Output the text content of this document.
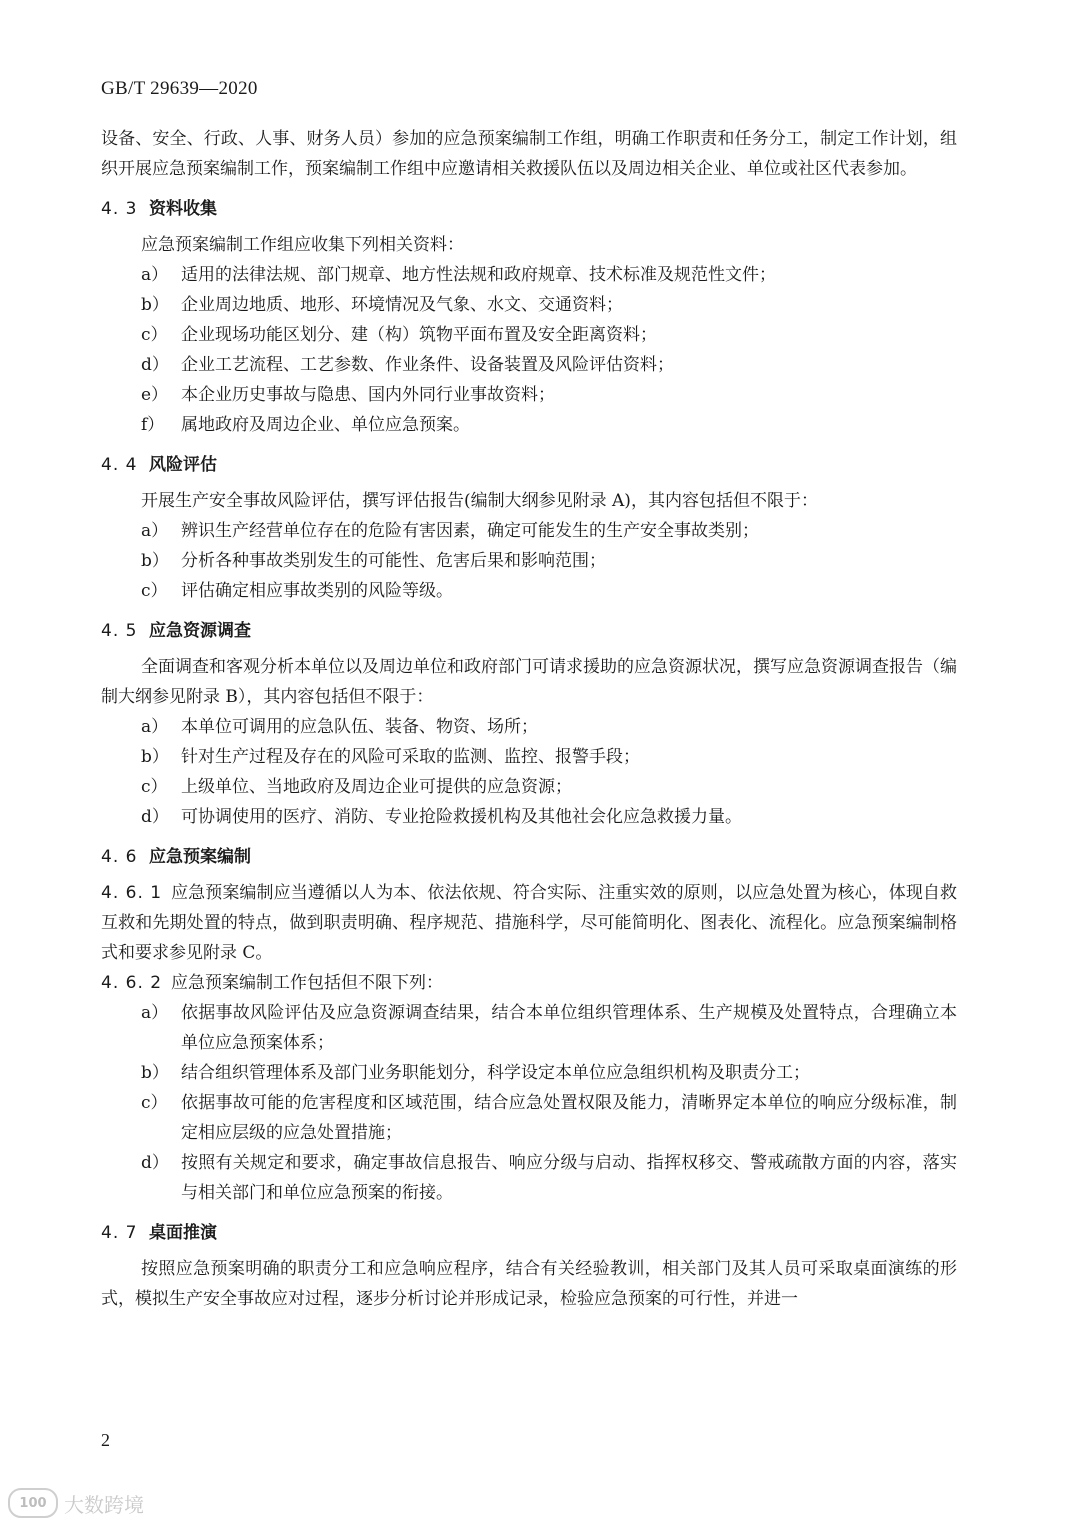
GB/T 29639—2020

设备、安全、行政、人事、财务人员）参加的应急预案编制工作组，明确工作职责和任务分工，制定工作计划，组织开展应急预案编制工作，预案编制工作组中应邀请相关救援队伍以及周边相关企业、单位或社区代表参加。

4. 3 资料收集

应急预案编制工作组应收集下列相关资料：

a） 适用的法律法规、部门规章、地方性法规和政府规章、技术标准及规范性文件；
b） 企业周边地质、地形、环境情况及气象、水文、交通资料；
c） 企业现场功能区划分、建（构）筑物平面布置及安全距离资料；
d） 企业工艺流程、工艺参数、作业条件、设备装置及风险评估资料；
e） 本企业历史事故与隐患、国内外同行业事故资料；
f） 属地政府及周边企业、单位应急预案。
4. 4 风险评估

开展生产安全事故风险评估，撰写评估报告(编制大纲参见附录 A)，其内容包括但不限于：

a） 辨识生产经营单位存在的危险有害因素，确定可能发生的生产安全事故类别；
b） 分析各种事故类别发生的可能性、危害后果和影响范围；
c） 评估确定相应事故类别的风险等级。
4. 5 应急资源调查

全面调查和客观分析本单位以及周边单位和政府部门可请求援助的应急资源状况，撰写应急资源调查报告（编制大纲参见附录 B），其内容包括但不限于：

a） 本单位可调用的应急队伍、装备、物资、场所；
b） 针对生产过程及存在的风险可采取的监测、监控、报警手段；
c） 上级单位、当地政府及周边企业可提供的应急资源；
d） 可协调使用的医疗、消防、专业抢险救援机构及其他社会化应急救援力量。
4. 6 应急预案编制

4. 6. 1 应急预案编制应当遵循以人为本、依法依规、符合实际、注重实效的原则，以应急处置为核心，体现自救互救和先期处置的特点，做到职责明确、程序规范、措施科学，尽可能简明化、图表化、流程化。应急预案编制格式和要求参见附录 C。

4. 6. 2 应急预案编制工作包括但不限下列：

a） 依据事故风险评估及应急资源调查结果，结合本单位组织管理体系、生产规模及处置特点，合理确立本单位应急预案体系；
b） 结合组织管理体系及部门业务职能划分，科学设定本单位应急组织机构及职责分工；
c） 依据事故可能的危害程度和区域范围，结合应急处置权限及能力，清晰界定本单位的响应分级标准，制定相应层级的应急处置措施；
d） 按照有关规定和要求，确定事故信息报告、响应分级与启动、指挥权移交、警戒疏散方面的内容，落实与相关部门和单位应急预案的衔接。
4. 7 桌面推演

按照应急预案明确的职责分工和应急响应程序，结合有关经验教训，相关部门及其人员可采取桌面演练的形式，模拟生产安全事故应对过程，逐步分析讨论并形成记录，检验应急预案的可行性，并进一

2
100 大数跨境
